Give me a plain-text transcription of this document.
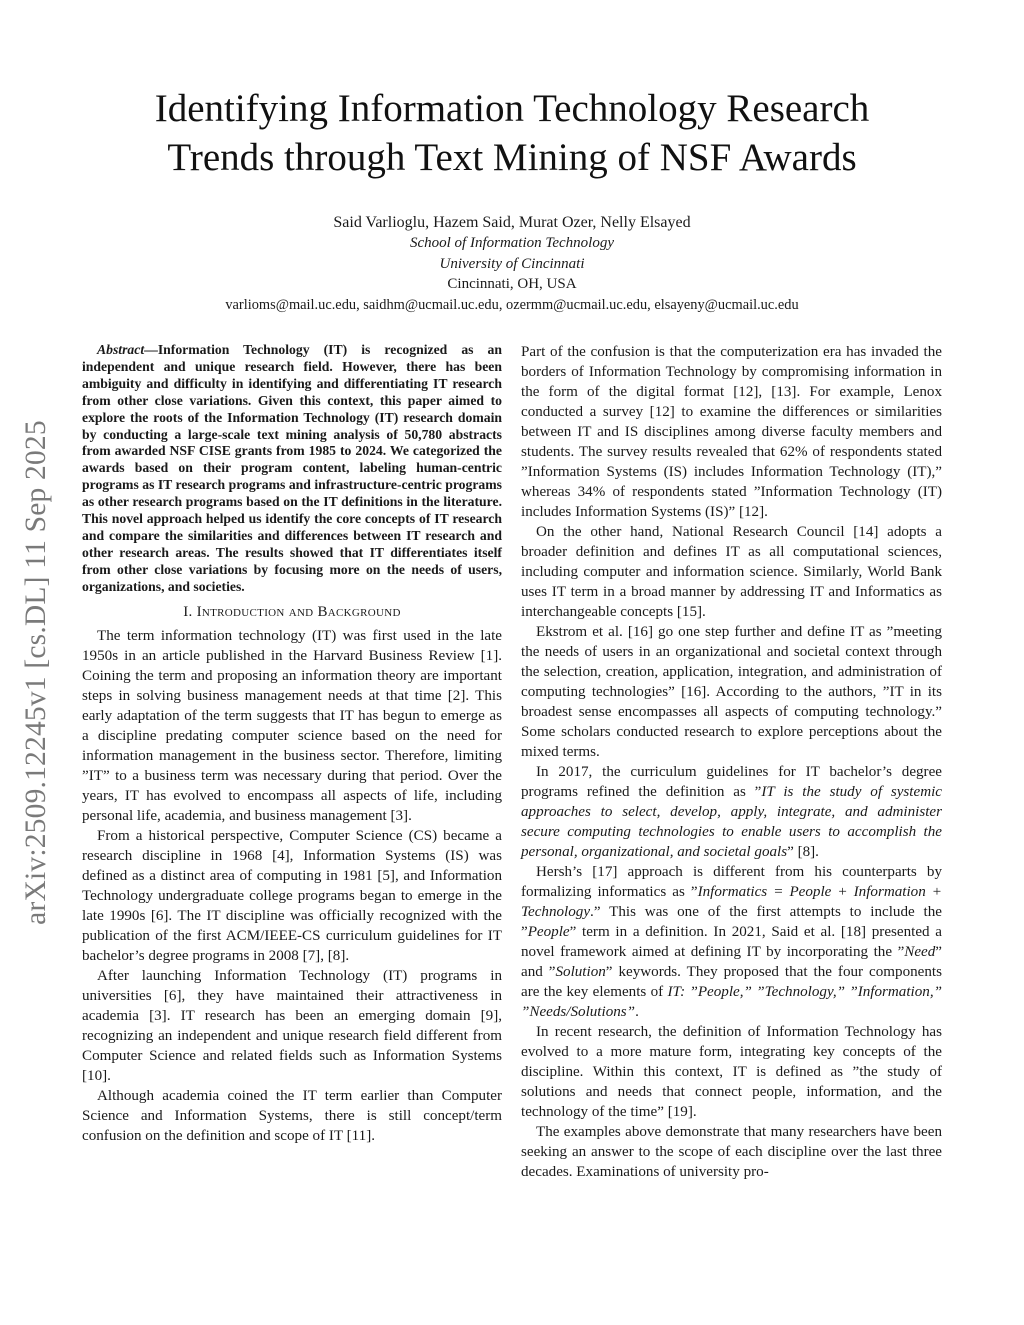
arXiv:2509.12245v1 [cs.DL] 11 Sep 2025
Identifying Information Technology Research
Trends through Text Mining of NSF Awards
Said Varlioglu, Hazem Said, Murat Ozer, Nelly Elsayed
School of Information Technology
University of Cincinnati
Cincinnati, OH, USA
varlioms@mail.uc.edu, saidhm@ucmail.uc.edu, ozermm@ucmail.uc.edu, elsayeny@ucmail.uc.edu

Abstract—Information Technology (IT) is recognized as an independent and unique research field. However, there has been ambiguity and difficulty in identifying and differentiating IT research from other close variations. Given this context, this paper aimed to explore the roots of the Information Technology (IT) research domain by conducting a large-scale text mining analysis of 50,780 abstracts from awarded NSF CISE grants from 1985 to 2024. We categorized the awards based on their program content, labeling human-centric programs as IT research programs and infrastructure-centric programs as other research programs based on the IT definitions in the literature. This novel approach helped us identify the core concepts of IT research and compare the similarities and differences between IT research and other research areas. The results showed that IT differentiates itself from other close variations by focusing more on the needs of users, organizations, and societies.

I. Introduction and Background

The term information technology (IT) was first used in the late 1950s in an article published in the Harvard Business Review [1]. Coining the term and proposing an information theory are important steps in solving business management needs at that time [2]. This early adaptation of the term suggests that IT has begun to emerge as a discipline predating computer science based on the need for information management in the business sector. Therefore, limiting ”IT” to a business term was necessary during that period. Over the years, IT has evolved to encompass all aspects of life, including personal life, academia, and business management [3].

From a historical perspective, Computer Science (CS) became a research discipline in 1968 [4], Information Systems (IS) was defined as a distinct area of computing in 1981 [5], and Information Technology undergraduate college programs began to emerge in the late 1990s [6]. The IT discipline was officially recognized with the publication of the first ACM/IEEE-CS curriculum guidelines for IT bachelor’s degree programs in 2008 [7], [8].

After launching Information Technology (IT) programs in universities [6], they have maintained their attractiveness in academia [3]. IT research has been an emerging domain [9], recognizing an independent and unique research field different from Computer Science and related fields such as Information Systems [10].

Although academia coined the IT term earlier than Computer Science and Information Systems, there is still concept/term confusion on the definition and scope of IT [11].

Part of the confusion is that the computerization era has invaded the borders of Information Technology by compromising information in the form of the digital format [12], [13]. For example, Lenox conducted a survey [12] to examine the differences or similarities between IT and IS disciplines among diverse faculty members and students. The survey results revealed that 62% of respondents stated ”Information Systems (IS) includes Information Technology (IT),” whereas 34% of respondents stated ”Information Technology (IT) includes Information Systems (IS)” [12].

On the other hand, National Research Council [14] adopts a broader definition and defines IT as all computational sciences, including computer and information science. Similarly, World Bank uses IT term in a broad manner by addressing IT and Informatics as interchangeable concepts [15].

Ekstrom et al. [16] go one step further and define IT as ”meeting the needs of users in an organizational and societal context through the selection, creation, application, integration, and administration of computing technologies” [16]. According to the authors, ”IT in its broadest sense encompasses all aspects of computing technology.” Some scholars conducted research to explore perceptions about the mixed terms.

In 2017, the curriculum guidelines for IT bachelor’s degree programs refined the definition as ”IT is the study of systemic approaches to select, develop, apply, integrate, and administer secure computing technologies to enable users to accomplish the personal, organizational, and societal goals” [8].

Hersh’s [17] approach is different from his counterparts by formalizing informatics as ”Informatics = People + Information + Technology.” This was one of the first attempts to include the ”People” term in a definition. In 2021, Said et al. [18] presented a novel framework aimed at defining IT by incorporating the ”Need” and ”Solution” keywords. They proposed that the four components are the key elements of IT: ”People,” ”Technology,” ”Information,” ”Needs/Solutions”.

In recent research, the definition of Information Technology has evolved to a more mature form, integrating key concepts of the discipline. Within this context, IT is defined as ”the study of solutions and needs that connect people, information, and the technology of the time” [19].

The examples above demonstrate that many researchers have been seeking an answer to the scope of each discipline over the last three decades. Examinations of university pro-
